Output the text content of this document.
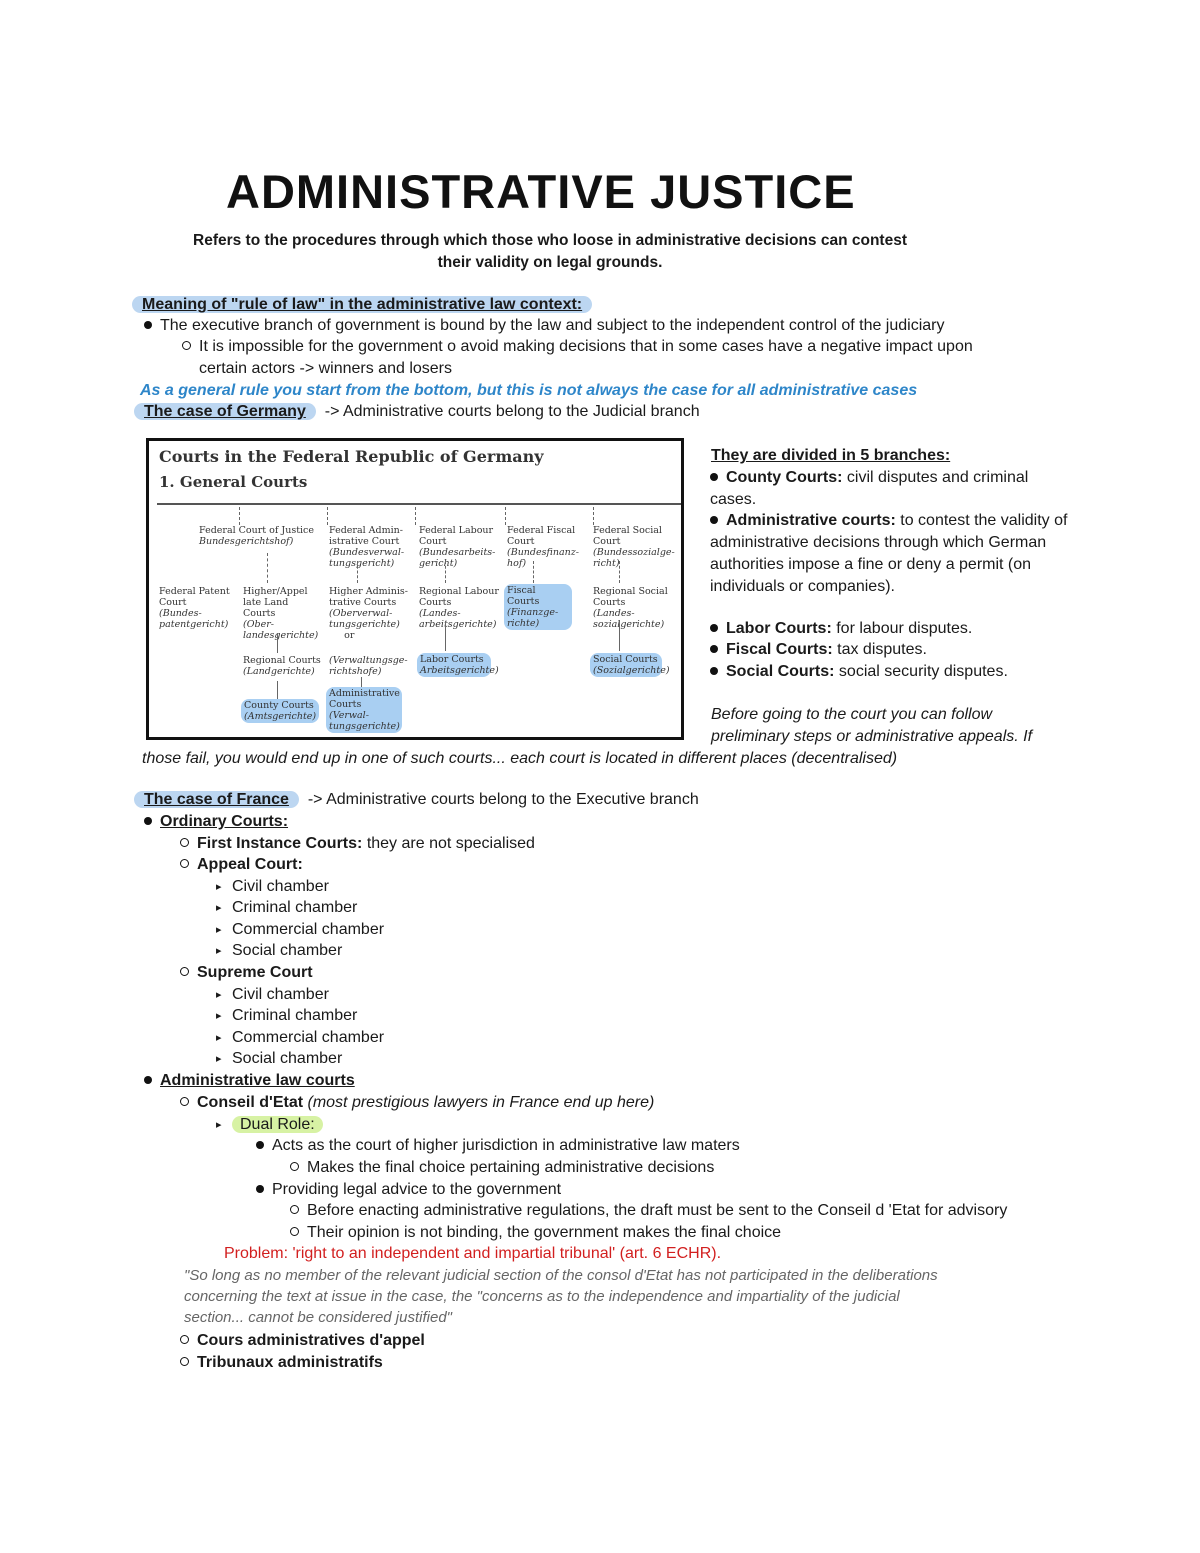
ADMINISTRATIVE JUSTICE
Refers to the procedures through which those who loose in administrative decisions can contest
their validity on legal grounds.
Meaning of "rule of law" in the administrative law context:
The executive branch of government is bound by the law and subject to the independent control of the judiciary
It is impossible for the government o avoid making decisions that in some cases have a negative impact upon
certain actors -> winners and losers
As a general rule you start from the bottom, but this is not always the case for all administrative cases
The case of Germany -> Administrative courts belong to the Judicial branch
Courts in the Federal Republic of Germany
1. General Courts
Federal Court of Justice
Bundesgerichtshof)
Federal Admin- istrative Court
(Bundesverwal- tungsgericht)
Federal Labour Court
(Bundesarbeits- gericht)
Federal Fiscal Court
(Bundesfinanz- hof)
Federal Social Court
(Bundessozialge- richt)
Federal Patent Court
(Bundes- patentgericht)
Higher/Appel late Land Courts
(Ober- landesgerichte)
Higher Adminis- trative Courts
(Oberverwal- tungsgerichte)
or
Regional Labour Courts
(Landes- arbeitsgerichte)
Fiscal Courts
(Finanzge- richte)
Regional Social Courts
(Landes- sozialgerichte)
Regional Courts
(Landgerichte)
(Verwaltungsge- richtshofe)
Labor Courts
Arbeitsgerichte)
Social Courts
(Sozialgerichte)
County Courts
(Amtsgerichte)
Administrative Courts
(Verwal- tungsgerichte)
They are divided in 5 branches:
County Courts: civil disputes and criminal cases.
Administrative courts: to contest the validity of administrative decisions through which German authorities impose a fine or deny a permit (on individuals or companies).
Labor Courts: for labour disputes.
Fiscal Courts: tax disputes.
Social Courts: social security disputes.
Before going to the court you can follow
preliminary steps or administrative appeals. If
those fail, you would end up in one of such courts... each court is located in different places (decentralised)
The case of France -> Administrative courts belong to the Executive branch
Ordinary Courts:
First Instance Courts: they are not specialised
Appeal Court:
▸ Civil chamber
▸ Criminal chamber
▸ Commercial chamber
▸ Social chamber
Supreme Court
▸ Civil chamber
▸ Criminal chamber
▸ Commercial chamber
▸ Social chamber
Administrative law courts
Conseil d'Etat (most prestigious lawyers in France end up here)
▸ Dual Role:
Acts as the court of higher jurisdiction in administrative law maters
Makes the final choice pertaining administrative decisions
Providing legal advice to the government
Before enacting administrative regulations, the draft must be sent to the Conseil d 'Etat for advisory
Their opinion is not binding, the government makes the final choice
Problem: 'right to an independent and impartial tribunal' (art. 6 ECHR).
"So long as no member of the relevant judicial section of the consol d'Etat has not participated in the deliberations
concerning the text at issue in the case, the "concerns as to the independence and impartiality of the judicial
section... cannot be considered justified"
Cours administratives d'appel
Tribunaux administratifs
